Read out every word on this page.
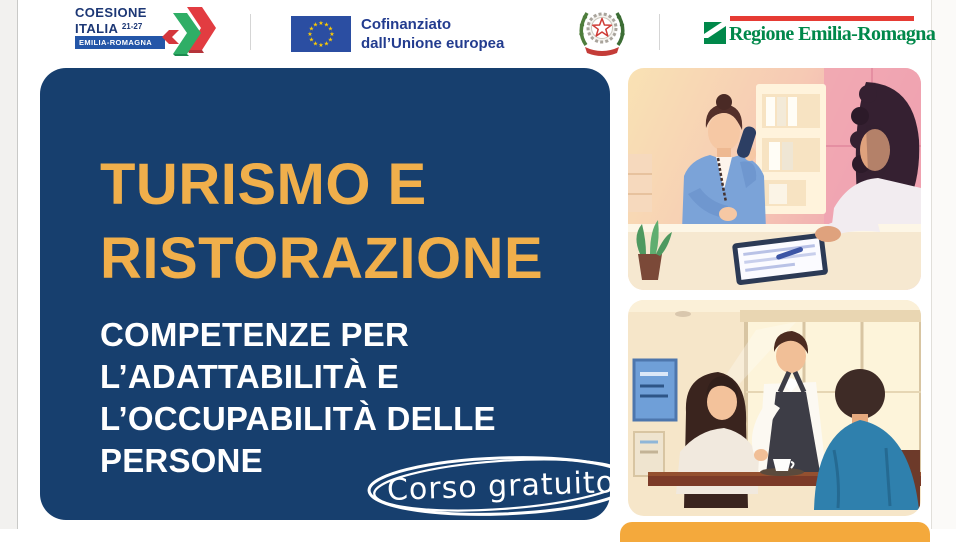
COESIONE
ITALIA $^{21-27}$
EMILIA-ROMAGNA
★ ★
★
★
★
★
★
★
★
★
★
★	Cofinanziato
dall’Unione europea	Regione Emilia-Romagna
TURISMO E
RISTORAZIONE
COMPETENZE PER
L’ADATTABILITÀ E
L’OCCUPABILITÀ DELLE
PERSONE
Corso gratuito
Op. RIF. PA 2024-23389/RER appr. con DGR 119 del 03/02/2025.
I progetti sono realizzati grazie ai Fondi Europei della Regione Emilia-Romagna
